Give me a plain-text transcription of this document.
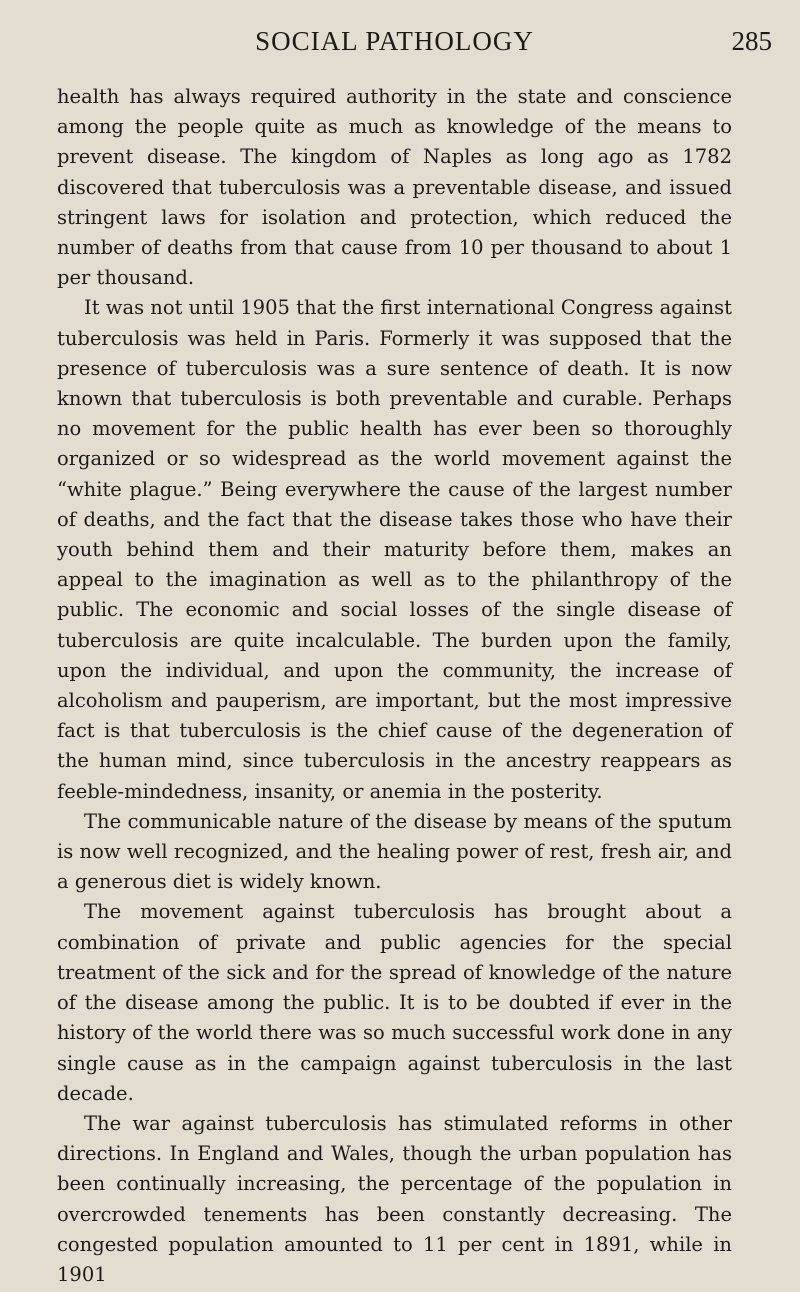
SOCIAL PATHOLOGY	285

health has always required authority in the state and conscience among the people quite as much as knowledge of the means to prevent disease. The kingdom of Naples as long ago as 1782 discovered that tuberculosis was a preventable disease, and issued stringent laws for isolation and protection, which reduced the number of deaths from that cause from 10 per thousand to about 1 per thousand.

It was not until 1905 that the first international Congress against tuberculosis was held in Paris. Formerly it was supposed that the presence of tuberculosis was a sure sentence of death. It is now known that tuberculosis is both preventable and curable. Perhaps no movement for the public health has ever been so thoroughly organized or so widespread as the world movement against the “white plague.” Being everywhere the cause of the largest number of deaths, and the fact that the disease takes those who have their youth behind them and their maturity before them, makes an appeal to the imagination as well as to the philanthropy of the public. The economic and social losses of the single disease of tuberculosis are quite incalculable. The burden upon the family, upon the individual, and upon the community, the increase of alcoholism and pauperism, are important, but the most impressive fact is that tuberculosis is the chief cause of the degeneration of the human mind, since tuberculosis in the ancestry reappears as feeble-mindedness, insanity, or anemia in the posterity.

The communicable nature of the disease by means of the sputum is now well recognized, and the healing power of rest, fresh air, and a generous diet is widely known.

The movement against tuberculosis has brought about a combination of private and public agencies for the special treatment of the sick and for the spread of knowledge of the nature of the disease among the public. It is to be doubted if ever in the history of the world there was so much successful work done in any single cause as in the campaign against tuberculosis in the last decade.

The war against tuberculosis has stimulated reforms in other directions. In England and Wales, though the urban population has been continually increasing, the percentage of the population in overcrowded tenements has been constantly decreasing. The congested population amounted to 11 per cent in 1891, while in 1901
